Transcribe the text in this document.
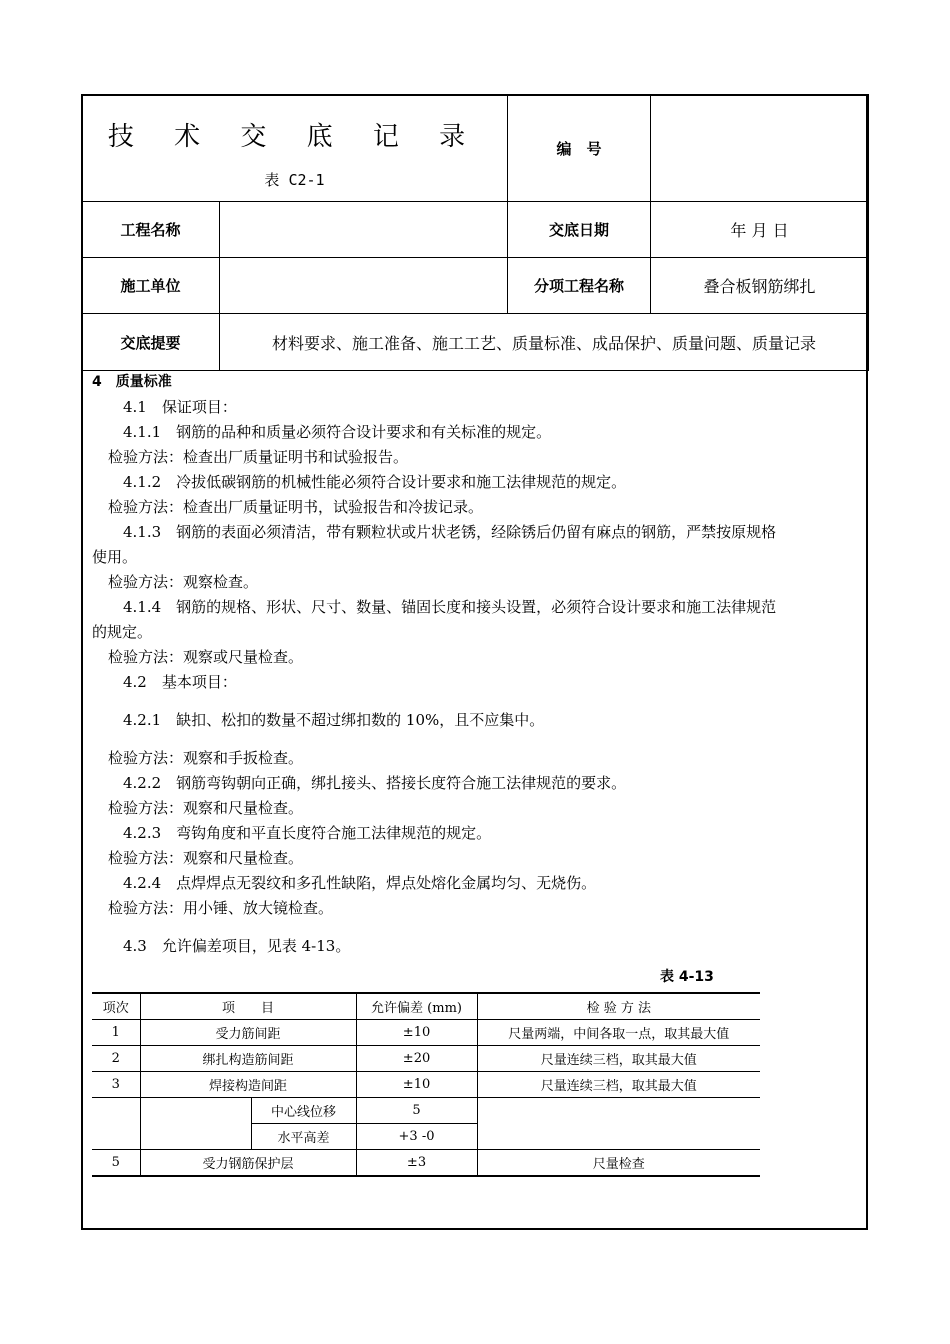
技 术 交 底 记 录
表 C2-1		编　号	
工程名称		交底日期	年 月 日
施工单位		分项工程名称	叠合板钢筋绑扎
交底提要	材料要求、施工准备、施工工艺、质量标准、成品保护、质量问题、质量记录		

4　质量标准

4.1　保证项目：

4.1.1　钢筋的品种和质量必须符合设计要求和有关标准的规定。

检验方法：检查出厂质量证明书和试验报告。

4.1.2　冷拔低碳钢筋的机械性能必须符合设计要求和施工法律规范的规定。

检验方法：检查出厂质量证明书，试验报告和冷拔记录。

4.1.3　钢筋的表面必须清洁，带有颗粒状或片状老锈，经除锈后仍留有麻点的钢筋，严禁按原规格

使用。

检验方法：观察检查。

4.1.4　钢筋的规格、形状、尺寸、数量、锚固长度和接头设置，必须符合设计要求和施工法律规范

的规定。

检验方法：观察或尺量检查。

4.2　基本项目：

4.2.1　缺扣、松扣的数量不超过绑扣数的 10%，且不应集中。

检验方法：观察和手扳检查。

4.2.2　钢筋弯钩朝向正确，绑扎接头、搭接长度符合施工法律规范的要求。

检验方法：观察和尺量检查。

4.2.3　弯钩角度和平直长度符合施工法律规范的规定。

检验方法：观察和尺量检查。

4.2.4　点焊焊点无裂纹和多孔性缺陷，焊点处熔化金属均匀、无烧伤。

检验方法：用小锤、放大镜检查。

4.3　允许偏差项目，见表 4-13。

表 4-13
项次	项　　目		允许偏差 (mm)	检 验 方 法
1	受力筋间距		±10	尺量两端，中间各取一点，取其最大值
2	绑扎构造筋间距		±20	尺量连续三档，取其最大值
3	焊接构造间距		±10	尺量连续三档，取其最大值
		中心线位移	5	
		水平高差	+3 -0	
5	受力钢筋保护层		±3	尺量检查
